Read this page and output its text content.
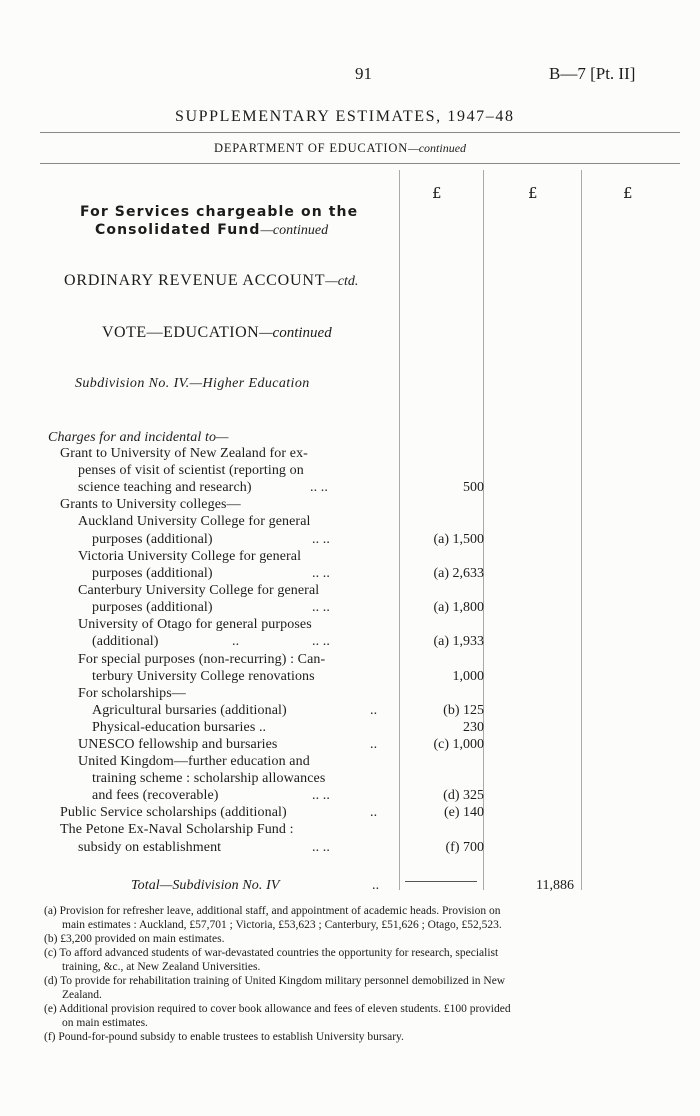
91	B—7 [Pt. II]
SUPPLEMENTARY ESTIMATES, 1947–48
DEPARTMENT OF EDUCATION—continued
£	£	£
For Services chargeable on the
Consolidated Fund—continued
ORDINARY REVENUE ACCOUNT—ctd.
VOTE—EDUCATION—continued
Subdivision No. IV.—Higher Education
Charges for and incidental to—
Grant to University of New Zealand for ex-
penses of visit of scientist (reporting on
science teaching and research)	.. ..	500
Grants to University colleges—
Auckland University College for general
purposes (additional)	.. ..	(a) 1,500
Victoria University College for general
purposes (additional)	.. ..	(a) 2,633
Canterbury University College for general
purposes (additional)	.. ..	(a) 1,800
University of Otago for general purposes
(additional)	..	.. ..	(a) 1,933
For special purposes (non-recurring) : Can-
terbury University College renovations	1,000
For scholarships—
Agricultural bursaries (additional)	..	(b) 125
Physical-education bursaries ..	230
UNESCO fellowship and bursaries	..	(c) 1,000
United Kingdom—further education and
training scheme : scholarship allowances
and fees (recoverable)	.. ..	(d) 325
Public Service scholarships (additional)	..	(e) 140
The Petone Ex-Naval Scholarship Fund :
subsidy on establishment	.. ..	(f) 700
Total—Subdivision No. IV	..	11,886
(a) Provision for refresher leave, additional staff, and appointment of academic heads. Provision on
main estimates : Auckland, £57,701 ; Victoria, £53,623 ; Canterbury, £51,626 ; Otago, £52,523.
(b) £3,200 provided on main estimates.
(c) To afford advanced students of war-devastated countries the opportunity for research, specialist
training, &c., at New Zealand Universities.
(d) To provide for rehabilitation training of United Kingdom military personnel demobilized in New
Zealand.
(e) Additional provision required to cover book allowance and fees of eleven students. £100 provided
on main estimates.
(f) Pound-for-pound subsidy to enable trustees to establish University bursary.
